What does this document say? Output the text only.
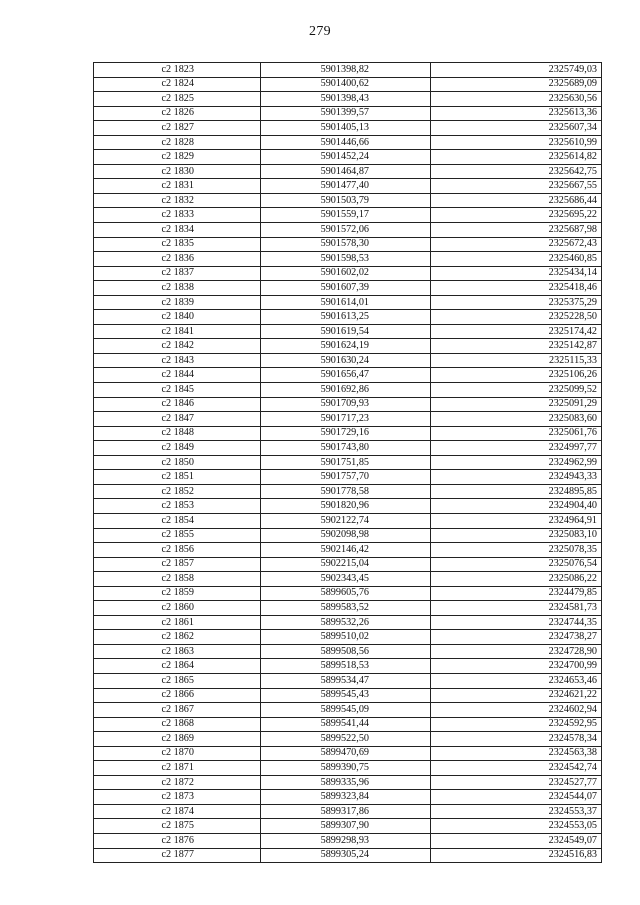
279
c2 1823	5901398,82	2325749,03
c2 1824	5901400,62	2325689,09
c2 1825	5901398,43	2325630,56
c2 1826	5901399,57	2325613,36
c2 1827	5901405,13	2325607,34
c2 1828	5901446,66	2325610,99
c2 1829	5901452,24	2325614,82
c2 1830	5901464,87	2325642,75
c2 1831	5901477,40	2325667,55
c2 1832	5901503,79	2325686,44
c2 1833	5901559,17	2325695,22
c2 1834	5901572,06	2325687,98
c2 1835	5901578,30	2325672,43
c2 1836	5901598,53	2325460,85
c2 1837	5901602,02	2325434,14
c2 1838	5901607,39	2325418,46
c2 1839	5901614,01	2325375,29
c2 1840	5901613,25	2325228,50
c2 1841	5901619,54	2325174,42
c2 1842	5901624,19	2325142,87
c2 1843	5901630,24	2325115,33
c2 1844	5901656,47	2325106,26
c2 1845	5901692,86	2325099,52
c2 1846	5901709,93	2325091,29
c2 1847	5901717,23	2325083,60
c2 1848	5901729,16	2325061,76
c2 1849	5901743,80	2324997,77
c2 1850	5901751,85	2324962,99
c2 1851	5901757,70	2324943,33
c2 1852	5901778,58	2324895,85
c2 1853	5901820,96	2324904,40
c2 1854	5902122,74	2324964,91
c2 1855	5902098,98	2325083,10
c2 1856	5902146,42	2325078,35
c2 1857	5902215,04	2325076,54
c2 1858	5902343,45	2325086,22
c2 1859	5899605,76	2324479,85
c2 1860	5899583,52	2324581,73
c2 1861	5899532,26	2324744,35
c2 1862	5899510,02	2324738,27
c2 1863	5899508,56	2324728,90
c2 1864	5899518,53	2324700,99
c2 1865	5899534,47	2324653,46
c2 1866	5899545,43	2324621,22
c2 1867	5899545,09	2324602,94
c2 1868	5899541,44	2324592,95
c2 1869	5899522,50	2324578,34
c2 1870	5899470,69	2324563,38
c2 1871	5899390,75	2324542,74
c2 1872	5899335,96	2324527,77
c2 1873	5899323,84	2324544,07
c2 1874	5899317,86	2324553,37
c2 1875	5899307,90	2324553,05
c2 1876	5899298,93	2324549,07
c2 1877	5899305,24	2324516,83
